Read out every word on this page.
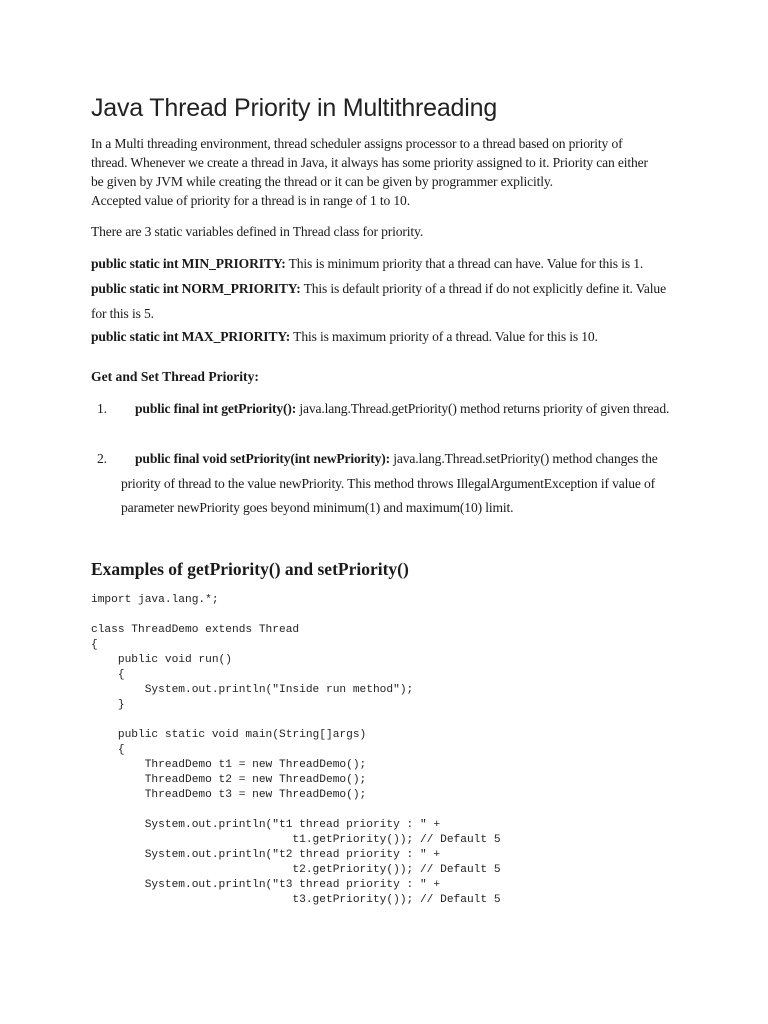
Java Thread Priority in Multithreading

In a Multi threading environment, thread scheduler assigns processor to a thread based on priority of
thread. Whenever we create a thread in Java, it always has some priority assigned to it. Priority can either
be given by JVM while creating the thread or it can be given by programmer explicitly.
Accepted value of priority for a thread is in range of 1 to 10.

There are 3 static variables defined in Thread class for priority.

public static int MIN_PRIORITY: This is minimum priority that a thread can have. Value for this is 1.

public static int NORM_PRIORITY: This is default priority of a thread if do not explicitly define it. Value for this is 5.

public static int MAX_PRIORITY: This is maximum priority of a thread. Value for this is 10.

Get and Set Thread Priority:

1. public final int getPriority(): java.lang.Thread.getPriority() method returns priority of given thread.

2. public final void setPriority(int newPriority): java.lang.Thread.setPriority() method changes the priority of thread to the value newPriority. This method throws IllegalArgumentException if value of parameter newPriority goes beyond minimum(1) and maximum(10) limit.

Examples of getPriority() and setPriority()
import java.lang.*;
class ThreadDemo extends Thread
{
public void run()
{
System.out.println("Inside run method");
}
public static void main(String[]args)
{
ThreadDemo t1 = new ThreadDemo();
ThreadDemo t2 = new ThreadDemo();
ThreadDemo t3 = new ThreadDemo();
System.out.println("t1 thread priority : " +
t1.getPriority()); // Default 5
System.out.println("t2 thread priority : " +
t2.getPriority()); // Default 5
System.out.println("t3 thread priority : " +
t3.getPriority()); // Default 5
